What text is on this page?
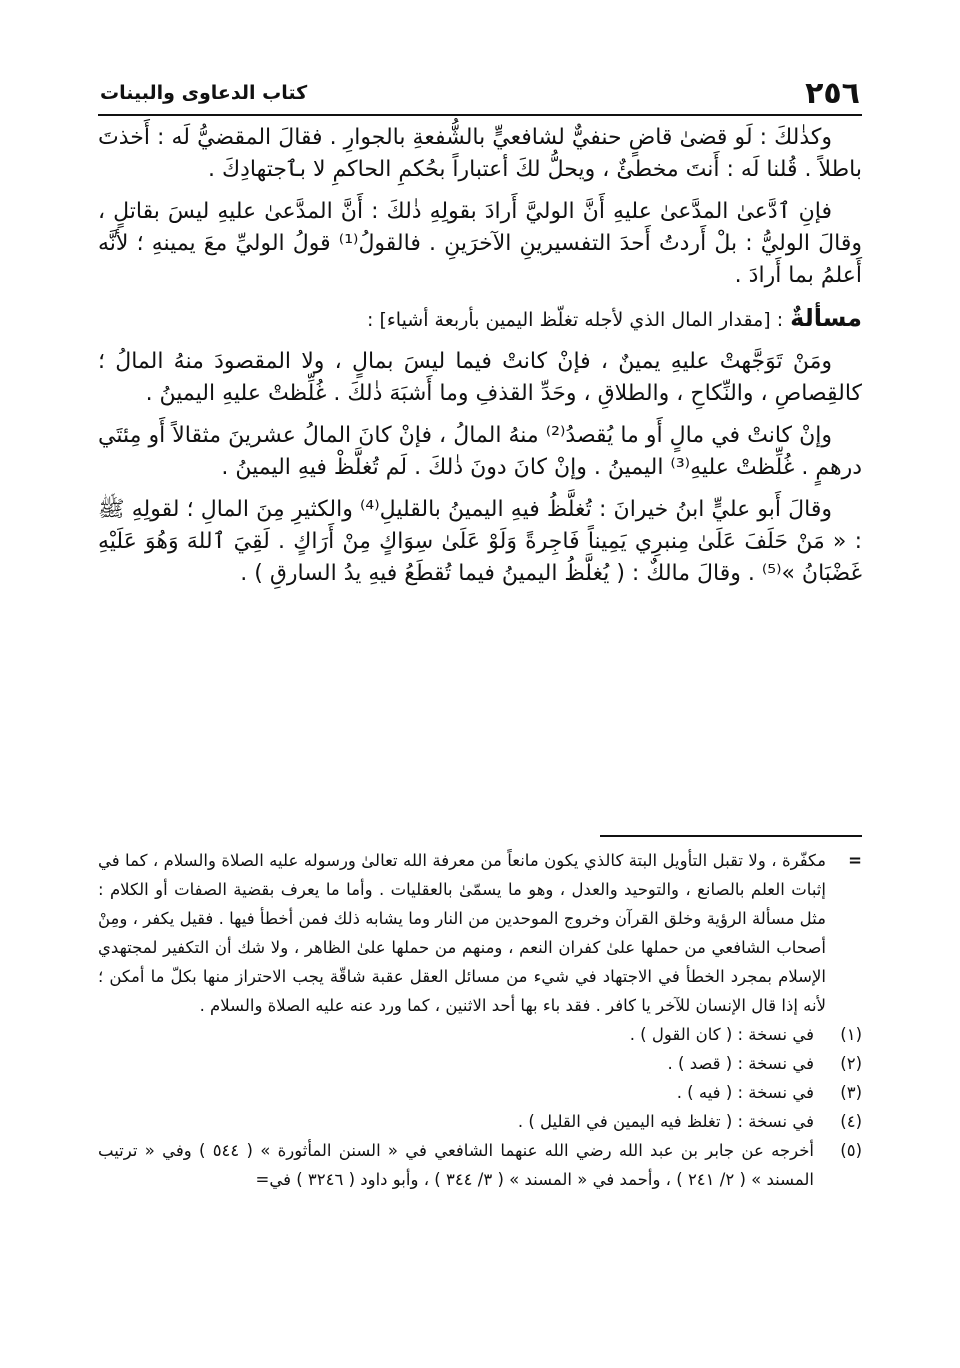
٢٥٦
كتاب الدعاوى والبينات

وكذٰلكَ : لَو قضىٰ قاضٍ حنفيٌّ لشافعيٍّ بالشُّفعةِ بالجوارِ . فقالَ المقضيُّ لَه : أَخذتَ باطلاً . قُلنا لَه : أَنتَ مخطئٌ ، ويحلُّ لكَ أعتباراً بحُكمِ الحاكمِ لا بٱجتهادِكَ .

فإنِ ٱدَّعىٰ المدَّعىٰ عليهِ أَنَّ الوليَّ أَرادَ بقولِهِ ذٰلكَ : أَنَّ المدَّعىٰ عليهِ ليسَ بقاتلٍ ، وقالَ الوليُّ : بلْ أَردتُ أَحدَ التفسيرينِ الآخرَينِ . فالقولُ⁽¹⁾ قولُ الوليِّ معَ يمينهِ ؛ لأنَّه أَعلمُ بما أَرادَ .

مسألةٌ : [مقدار المال الذي لأجله تغلّظ اليمين بأربعة أشياء] :

ومَنْ تَوَجَّهتْ عليهِ يمينٌ ، فإنْ كانتْ فيما ليسَ بمالٍ ، ولا المقصودَ منهُ المالُ ؛ كالقِصاصِ ، والنِّكاحِ ، والطلاقِ ، وحَدِّ القذفِ وما أَشبَهَ ذٰلكَ . غُلِّظتْ عليهِ اليمينُ .

وإنْ كانتْ في مالٍ أَو ما يُقصدُ⁽²⁾ منهُ المالُ ، فإنْ كانَ المالُ عشرينَ مثقالاً أَو مِئتَي درهمٍ . غُلِّظتْ عليهِ⁽³⁾ اليمينُ . وإنْ كانَ دونَ ذٰلكَ . لَم تُغلَّظْ فيهِ اليمينُ .

وقالَ أَبو عليٍّ ابنُ خيرانَ : تُغلَّظُ فيهِ اليمينُ بالقليلِ⁽⁴⁾ والكثيرِ مِنَ المالِ ؛ لقولِهِ ﷺ : « مَنْ حَلَفَ عَلَىٰ مِنبرِي يَمِيناً فَاجِرةً وَلَوْ عَلَىٰ سِوَاكٍ مِنْ أَرَاكٍ . لَقِيَ ٱللهَ وَهُوَ عَلَيْهِ غَضْبَانُ »⁽⁵⁾ . وقالَ مالكٌ : ( يُغلَّظُ اليمينُ فيما تُقطَعُ فيهِ يدُ السارقِ ) .

=
مكفّرة ، ولا تقبل التأويل البتة كالذي يكون مانعاً من معرفة الله تعالىٰ ورسوله عليه الصلاة والسلام ، كما في إثبات العلم بالصانع ، والتوحيد والعدل ، وهو ما يسمّىٰ بالعقليات . وأما ما يعرف بقضية الصفات أو الكلام : مثل مسألة الرؤية وخلق القرآن وخروج الموحدين من النار وما يشابه ذلك فمن أخطأ فيها . فقيل يكفر ، ومِنْ أصحاب الشافعي من حملها علىٰ كفران النعم ، ومنهم من حملها علىٰ الظاهر ، ولا شك أن التكفير لمجتهدي الإسلام بمجرد الخطأ في الاجتهاد في شيء من مسائل العقل عقبة شاقّة يجب الاحتراز منها بكلّ ما أمكن ؛ لأنه إذا قال الإنسان للآخر يا كافر . فقد باء بها أحد الاثنين ، كما ورد عنه عليه الصلاة والسلام .
(١)
في نسخة : ( كان القول ) .
(٢)
في نسخة : ( قصد ) .
(٣)
في نسخة : ( فيه ) .
(٤)
في نسخة : ( تغلظ فيه اليمين في القليل ) .
(٥)
أخرجه عن جابر بن عبد الله رضي الله عنهما الشافعي في « السنن المأثورة » ( ٥٤٤ ) وفي « ترتيب المسند » ( ٢/ ٢٤١ ) ، وأحمد في « المسند » ( ٣/ ٣٤٤ ) ، وأبو داود ( ٣٢٤٦ ) في=
